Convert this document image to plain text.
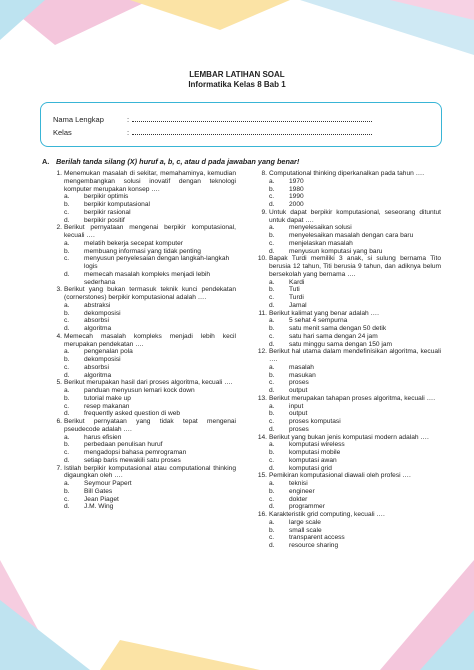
LEMBAR LATIHAN SOAL
Informatika Kelas 8 Bab 1
Nama Lengkap	:
Kelas	:
A. Berilah tanda silang (X) huruf a, b, c, atau d pada jawaban yang benar!
1. Menemukan masalah di sekitar, memahaminya, kemudian mengembangkan solusi inovatif dengan teknologi komputer merupakan konsep ….
a. berpikir optimis
b. berpikir komputasional
c. berpikir rasional
d. berpikir positif
2. Berikut pernyataan mengenai berpikir komputasional, kecuali ….
a. melatih bekerja secepat komputer
b. membuang informasi yang tidak penting
c. menyusun penyelesaian dengan langkah-langkah logis
d. memecah masalah kompleks menjadi lebih sederhana
3. Berikut yang bukan termasuk teknik kunci pendekatan (cornerstones) berpikir komputasional adalah ….
a. abstraksi
b. dekomposisi
c. absorbsi
d. algoritma
4. Memecah masalah kompleks menjadi lebih kecil merupakan pendekatan ….
a. pengenalan pola
b. dekomposisi
c. absorbsi
d. algoritma
5. Berikut merupakan hasil dari proses algoritma, kecuali ….
a. panduan menyusun lemari kock down
b. tutorial make up
c. resep makanan
d. frequently asked question di web
6. Berikut pernyataan yang tidak tepat mengenai pseudecode adalah ….
a. harus efisien
b. perbedaan penulisan huruf
c. mengadopsi bahasa pemrograman
d. setiap baris mewakili satu proses
7. Istilah berpikir komputasional atau computational thinking digaungkan oleh ….
a. Seymour Papert
b. Bill Gates
c. Jean Piaget
d. J.M. Wing
8. Computational thinking diperkanalkan pada tahun ….
a. 1970
b. 1980
c. 1990
d. 2000
9. Untuk dapat berpikir komputasional, seseorang dituntut untuk dapat ….
a. menyelesaikan solusi
b. menyelesaikan masalah dengan cara baru
c. menjelaskan masalah
d. menyusun komputasi yang baru
10. Bapak Turdi memiliki 3 anak, si sulung bernama Tito berusia 12 tahun, Titi berusia 9 tahun, dan adiknya belum bersekolah yang bernama ….
a. Kardi
b. Tuti
c. Turdi
d. Jamal
11. Berikut kalimat yang benar adalah ….
a. 5 sehat 4 sempurna
b. satu menit sama dengan 50 detik
c. satu hari sama dengan 24 jam
d. satu minggu sama dengan 150 jam
12. Berikut hal utama dalam mendefinisikan algoritma, kecuali ….
a. masalah
b. masukan
c. proses
d. output
13. Berikut merupakan tahapan proses algoritma, kecuali ….
a. input
b. output
c. proses komputasi
d. proses
14. Berikut yang bukan jenis komputasi modern adalah ….
a. komputasi wireless
b. komputasi mobile
c. komputasi awan
d. komputasi grid
15. Pemikiran komputasional diawali oleh profesi ….
a. teknisi
b. engineer
c. dokter
d. programmer
16. Karakteristik grid computing, kecuali ….
a. large scale
b. small scale
c. transparent access
d. resource sharing
